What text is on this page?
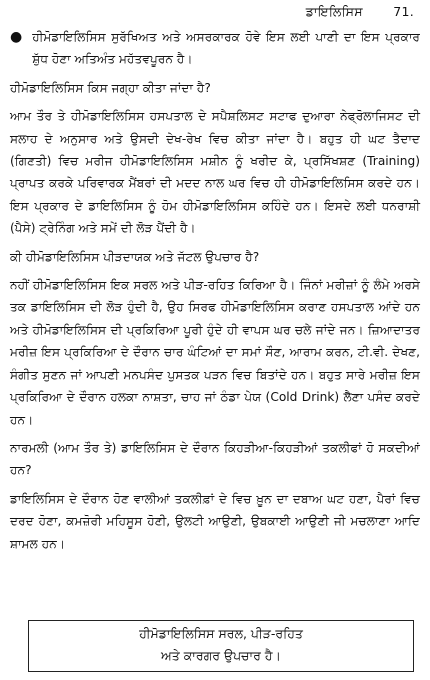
ਡਾਇਲਿਸਿਸ 71.
● ਹੀਮੋਡਾਇਲਿਸਿਸ ਸੁਰੱਖਿਅਤ ਅਤੇ ਅਸਰਕਾਰਕ ਹੋਵੇ ਇਸ ਲਈ ਪਾਣੀ ਦਾ ਇਸ ਪ੍ਰਕਾਰ ਸ਼ੁੱਧ ਹੋਣਾ ਅਤਿਅੰਤ ਮਹੱਤਵਪੂਰਨ ਹੈ।

ਹੀਮੋਡਾਇਲਿਸਿਸ ਕਿਸ ਜਗ੍ਹਾ ਕੀਤਾ ਜਾਂਦਾ ਹੈ?

ਆਮ ਤੌਰ ਤੇ ਹੀਮੋਡਾਇਲਿਸਿਸ ਹਸਪਤਾਲ ਦੇ ਸਪੈਸ਼ਲਿਸਟ ਸਟਾਫ ਦੁਆਰਾ ਨੇਫ੍ਰੋਲਾਜਿਸਟ ਦੀ ਸਲਾਹ ਦੇ ਅਨੁਸਾਰ ਅਤੇ ਉਸਦੀ ਦੇਖ-ਰੇਖ ਵਿਚ ਕੀਤਾ ਜਾਂਦਾ ਹੈ। ਬਹੁਤ ਹੀ ਘਟ ਤੈਦਾਦ (ਗਿਣਤੀ) ਵਿਚ ਮਰੀਜ ਹੀਮੋਡਾਇਲਿਸਿਸ ਮਸ਼ੀਨ ਨੂੰ ਖਰੀਦ ਕੇ, ਪ੍ਰਸਿੱਖਸ਼ਣ (Training) ਪ੍ਰਾਪਤ ਕਰਕੇ ਪਰਿਵਾਰਕ ਮੈਂਬਰਾਂ ਦੀ ਮਦਦ ਨਾਲ ਘਰ ਵਿਚ ਹੀ ਹੀਮੋਡਾਇਲਿਸਿਸ ਕਰਦੇ ਹਨ। ਇਸ ਪ੍ਰਕਾਰ ਦੇ ਡਾਇਲਿਸਿਸ ਨੂੰ ਹੋਮ ਹੀਮੋਡਾਇਲਿਸਿਸ ਕਹਿੰਦੇ ਹਨ। ਇਸਦੇ ਲਈ ਧਨਰਾਸ਼ੀ (ਪੈਸੇ) ਟ੍ਰੇਨਿੰਗ ਅਤੇ ਸਮੇਂ ਦੀ ਲੋੜ ਪੈਂਦੀ ਹੈ।

ਕੀ ਹੀਮੋਡਾਇਲਿਸਿਸ ਪੀੜਦਾਯਕ ਅਤੇ ਜੱਟਲ ਉਪਚਾਰ ਹੈ?

ਨਹੀਂ ਹੀਮੋਡਾਇਲਿਸਿਸ ਇਕ ਸਰਲ ਅਤੇ ਪੀੜ-ਰਹਿਤ ਕਿਰਿਆ ਹੈ। ਜਿੰਨਾਂ ਮਰੀਜ਼ਾਂ ਨੂੰ ਲੰਮੇ ਅਰਸੇ ਤਕ ਡਾਇਲਿਸਿਸ ਦੀ ਲੋੜ ਹੁੰਦੀ ਹੈ, ਉਹ ਸਿਰਫ ਹੀਮੋਡਾਇਲਿਸਿਸ ਕਰਾਣ ਹਸਪਤਾਲ ਆਂਦੇ ਹਨ ਅਤੇ ਹੀਮੋਡਾਇਲਿਸਿਸ ਦੀ ਪ੍ਰਕਿਰਿਆ ਪੂਰੀ ਹੁੰਦੇ ਹੀ ਵਾਪਸ ਘਰ ਚਲੇ ਜਾਂਦੇ ਜਨ। ਜ਼ਿਆਦਾਤਰ ਮਰੀਜ਼ ਇਸ ਪ੍ਰਕਿਰਿਆ ਦੇ ਦੌਰਾਨ ਚਾਰ ਘੰਟਿਆਂ ਦਾ ਸਮਾਂ ਸੌਣ, ਆਰਾਮ ਕਰਨ, ਟੀ.ਵੀ. ਦੇਖਣ, ਸੰਗੀਤ ਸੁਣਨ ਜਾਂ ਆਪਣੀ ਮਨਪਸੰਦ ਪੁਸਤਕ ਪੜਨ ਵਿਚ ਬਿਤਾਂਦੇ ਹਨ। ਬਹੁਤ ਸਾਰੇ ਮਰੀਜ਼ ਇਸ ਪ੍ਰਕਿਰਿਆ ਦੇ ਦੌਰਾਨ ਹਲਕਾ ਨਾਸ਼ਤਾ, ਚਾਹ ਜਾਂ ਠੰਡਾ ਪੇਯ (Cold Drink) ਲੈਣਾ ਪਸੰਦ ਕਰਦੇ ਹਨ।

ਨਾਰਮਲੀ (ਆਮ ਤੌਰ ਤੇ) ਡਾਇਲਿਸਿਸ ਦੇ ਦੌਰਾਨ ਕਿਹੜੀਆ-ਕਿਹੜੀਆਂ ਤਕਲੀਫਾਂ ਹੋ ਸਕਦੀਆਂ ਹਨ?

ਡਾਇਲਿਸਿਸ ਦੇ ਦੌਰਾਨ ਹੋਣ ਵਾਲੀਆਂ ਤਕਲੀਫ਼ਾਂ ਦੇ ਵਿਚ ਖ਼ੂਨ ਦਾ ਦਬਾਅ ਘਟ ਹਣਾ, ਪੈਰਾਂ ਵਿਚ ਦਰਦ ਹੋਣਾ, ਕਮਜ਼ੋਰੀ ਮਹਿਸੂਸ ਹੋਣੀ, ਉਲਟੀ ਆਉਣੀ, ਉਬਕਾਈ ਆਉਣੀ ਜੀ ਮਚਲਾਣਾ ਆਦਿ ਸ਼ਾਮਲ ਹਨ।

ਹੀਮੋਡਾਇਲਿਸਿਸ ਸਰਲ, ਪੀੜ-ਰਹਿਤ
ਅਤੇ ਕਾਰਗਰ ਉਪਚਾਰ ਹੈ।
